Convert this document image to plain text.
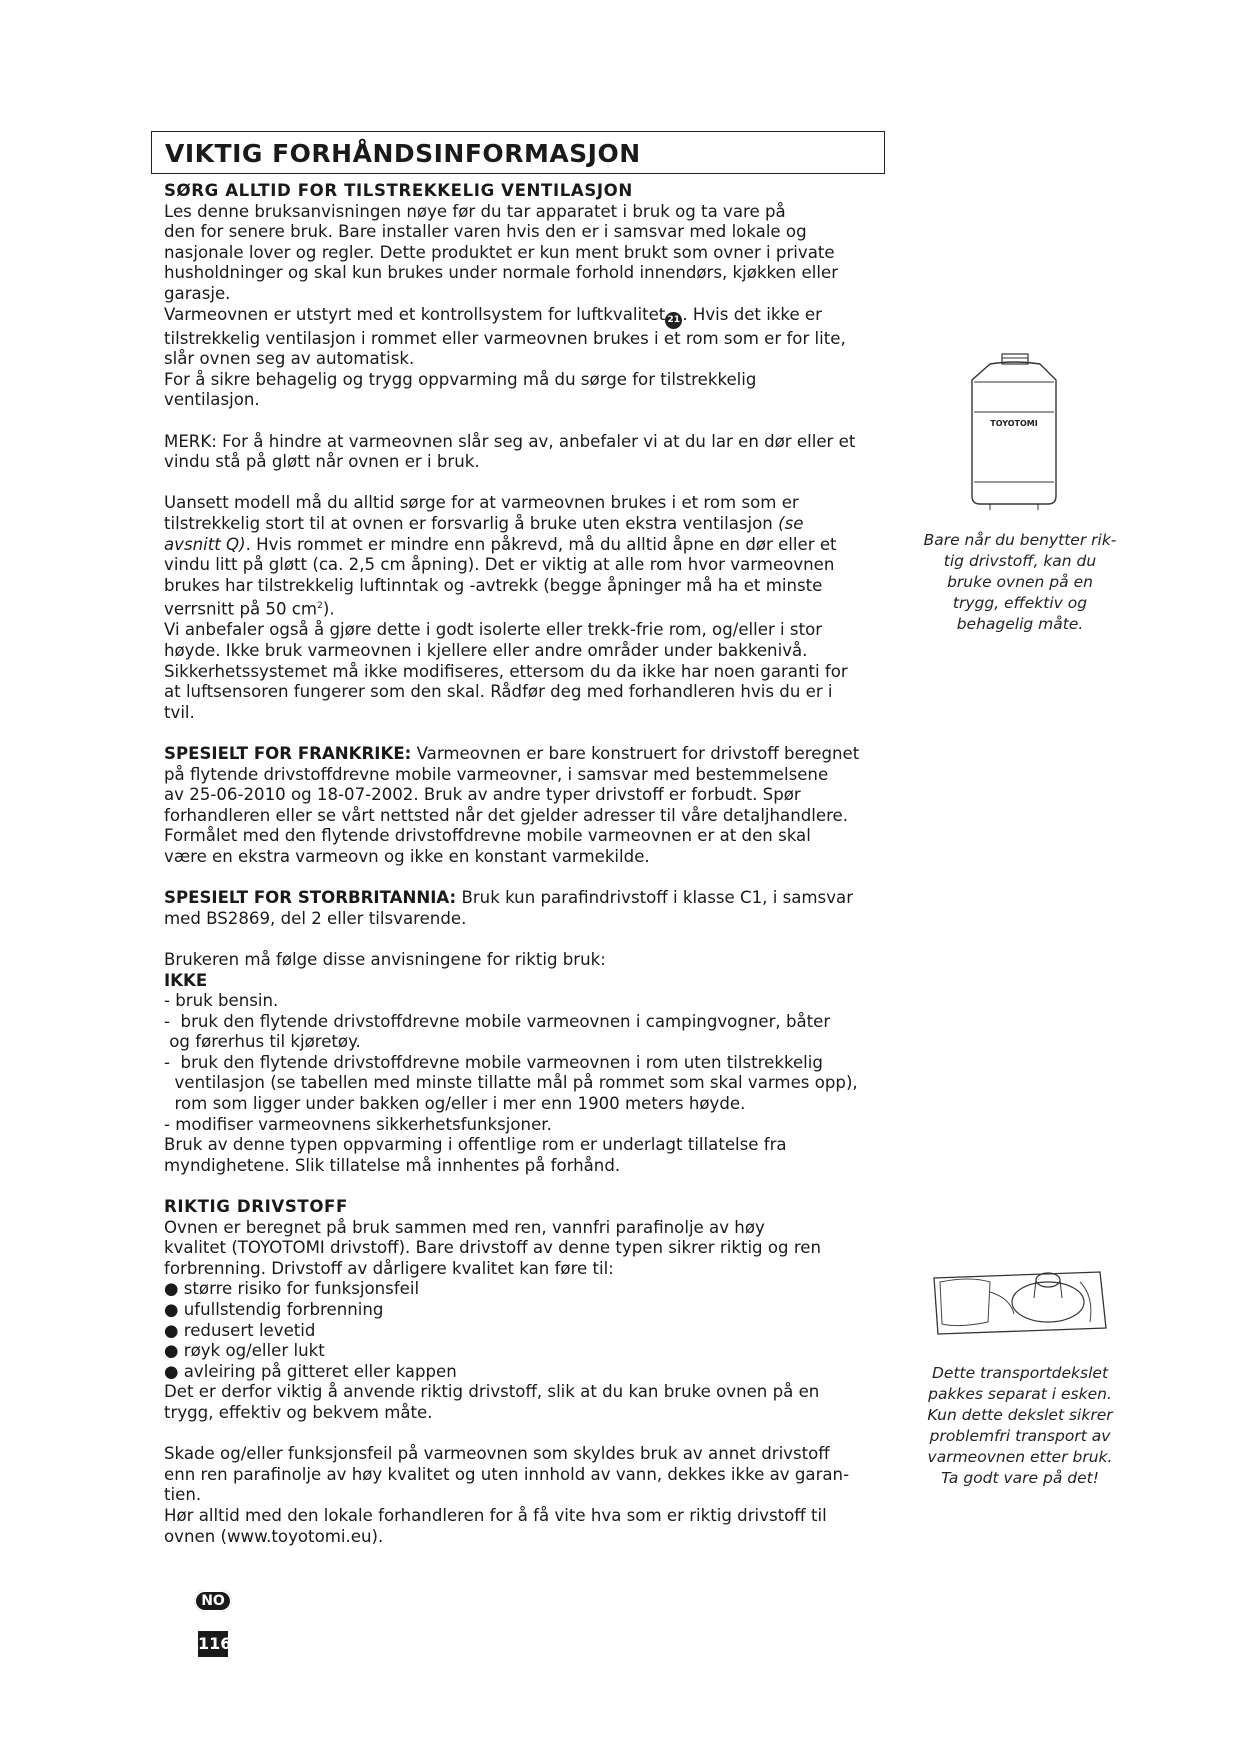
VIKTIG FORHÅNDSINFORMASJON

SØRG ALLTID FOR TILSTREKKELIG VENTILASJON

Les denne bruksanvisningen nøye før du tar apparatet i bruk og ta vare på

den for senere bruk. Bare installer varen hvis den er i samsvar med lokale og

nasjonale lover og regler. Dette produktet er kun ment brukt som ovner i private

husholdninger og skal kun brukes under normale forhold innendørs, kjøkken eller

garasje.

Varmeovnen er utstyrt med et kontrollsystem for luftkvalitet 21 . Hvis det ikke er

tilstrekkelig ventilasjon i rommet eller varmeovnen brukes i et rom som er for lite,

slår ovnen seg av automatisk.

For å sikre behagelig og trygg oppvarming må du sørge for tilstrekkelig

ventilasjon.

MERK: For å hindre at varmeovnen slår seg av, anbefaler vi at du lar en dør eller et

vindu stå på gløtt når ovnen er i bruk.

Uansett modell må du alltid sørge for at varmeovnen brukes i et rom som er

tilstrekkelig stort til at ovnen er forsvarlig å bruke uten ekstra ventilasjon (se

avsnitt Q). Hvis rommet er mindre enn påkrevd, må du alltid åpne en dør eller et

vindu litt på gløtt (ca. 2,5 cm åpning). Det er viktig at alle rom hvor varmeovnen

brukes har tilstrekkelig luftinntak og -avtrekk (begge åpninger må ha et minste

verrsnitt på 50 $cm^2$).

Vi anbefaler også å gjøre dette i godt isolerte eller trekk-frie rom, og/eller i stor

høyde. Ikke bruk varmeovnen i kjellere eller andre områder under bakkenivå.

Sikkerhetssystemet må ikke modifiseres, ettersom du da ikke har noen garanti for

at luftsensoren fungerer som den skal. Rådfør deg med forhandleren hvis du er i

tvil.

SPESIELT FOR FRANKRIKE: Varmeovnen er bare konstruert for drivstoff beregnet

på flytende drivstoffdrevne mobile varmeovner, i samsvar med bestemmelsene

av 25-06-2010 og 18-07-2002. Bruk av andre typer drivstoff er forbudt. Spør

forhandleren eller se vårt nettsted når det gjelder adresser til våre detaljhandlere.

Formålet med den flytende drivstoffdrevne mobile varmeovnen er at den skal

være en ekstra varmeovn og ikke en konstant varmekilde.

SPESIELT FOR STORBRITANNIA: Bruk kun parafindrivstoff i klasse C1, i samsvar

med BS2869, del 2 eller tilsvarende.

Brukeren må følge disse anvisningene for riktig bruk:

IKKE

- bruk bensin.

-  bruk den flytende drivstoffdrevne mobile varmeovnen i campingvogner, båter

og førerhus til kjøretøy.

-  bruk den flytende drivstoffdrevne mobile varmeovnen i rom uten tilstrekkelig

ventilasjon (se tabellen med minste tillatte mål på rommet som skal varmes opp),

rom som ligger under bakken og/eller i mer enn 1900 meters høyde.

- modifiser varmeovnens sikkerhetsfunksjoner.

Bruk av denne typen oppvarming i offentlige rom er underlagt tillatelse fra

myndighetene. Slik tillatelse må innhentes på forhånd.

RIKTIG DRIVSTOFF

Ovnen er beregnet på bruk sammen med ren, vannfri parafinolje av høy

kvalitet (TOYOTOMI drivstoff). Bare drivstoff av denne typen sikrer riktig og ren

forbrenning. Drivstoff av dårligere kvalitet kan føre til:

● større risiko for funksjonsfeil

● ufullstendig forbrenning

● redusert levetid

● røyk og/eller lukt

● avleiring på gitteret eller kappen

Det er derfor viktig å anvende riktig drivstoff, slik at du kan bruke ovnen på en

trygg, effektiv og bekvem måte.

Skade og/eller funksjonsfeil på varmeovnen som skyldes bruk av annet drivstoff

enn ren parafinolje av høy kvalitet og uten innhold av vann, dekkes ikke av garan-

tien.

Hør alltid med den lokale forhandleren for å få vite hva som er riktig drivstoff til

ovnen (www.toyotomi.eu).

TOYOTOMI
Bare når du benytter rik-
tig drivstoff, kan du
bruke ovnen på en
trygg, effektiv og
behagelig måte.
Dette transportdekslet
pakkes separat i esken.
Kun dette dekslet sikrer
problemfri transport av
varmeovnen etter bruk.
Ta godt vare på det!
NO
116
